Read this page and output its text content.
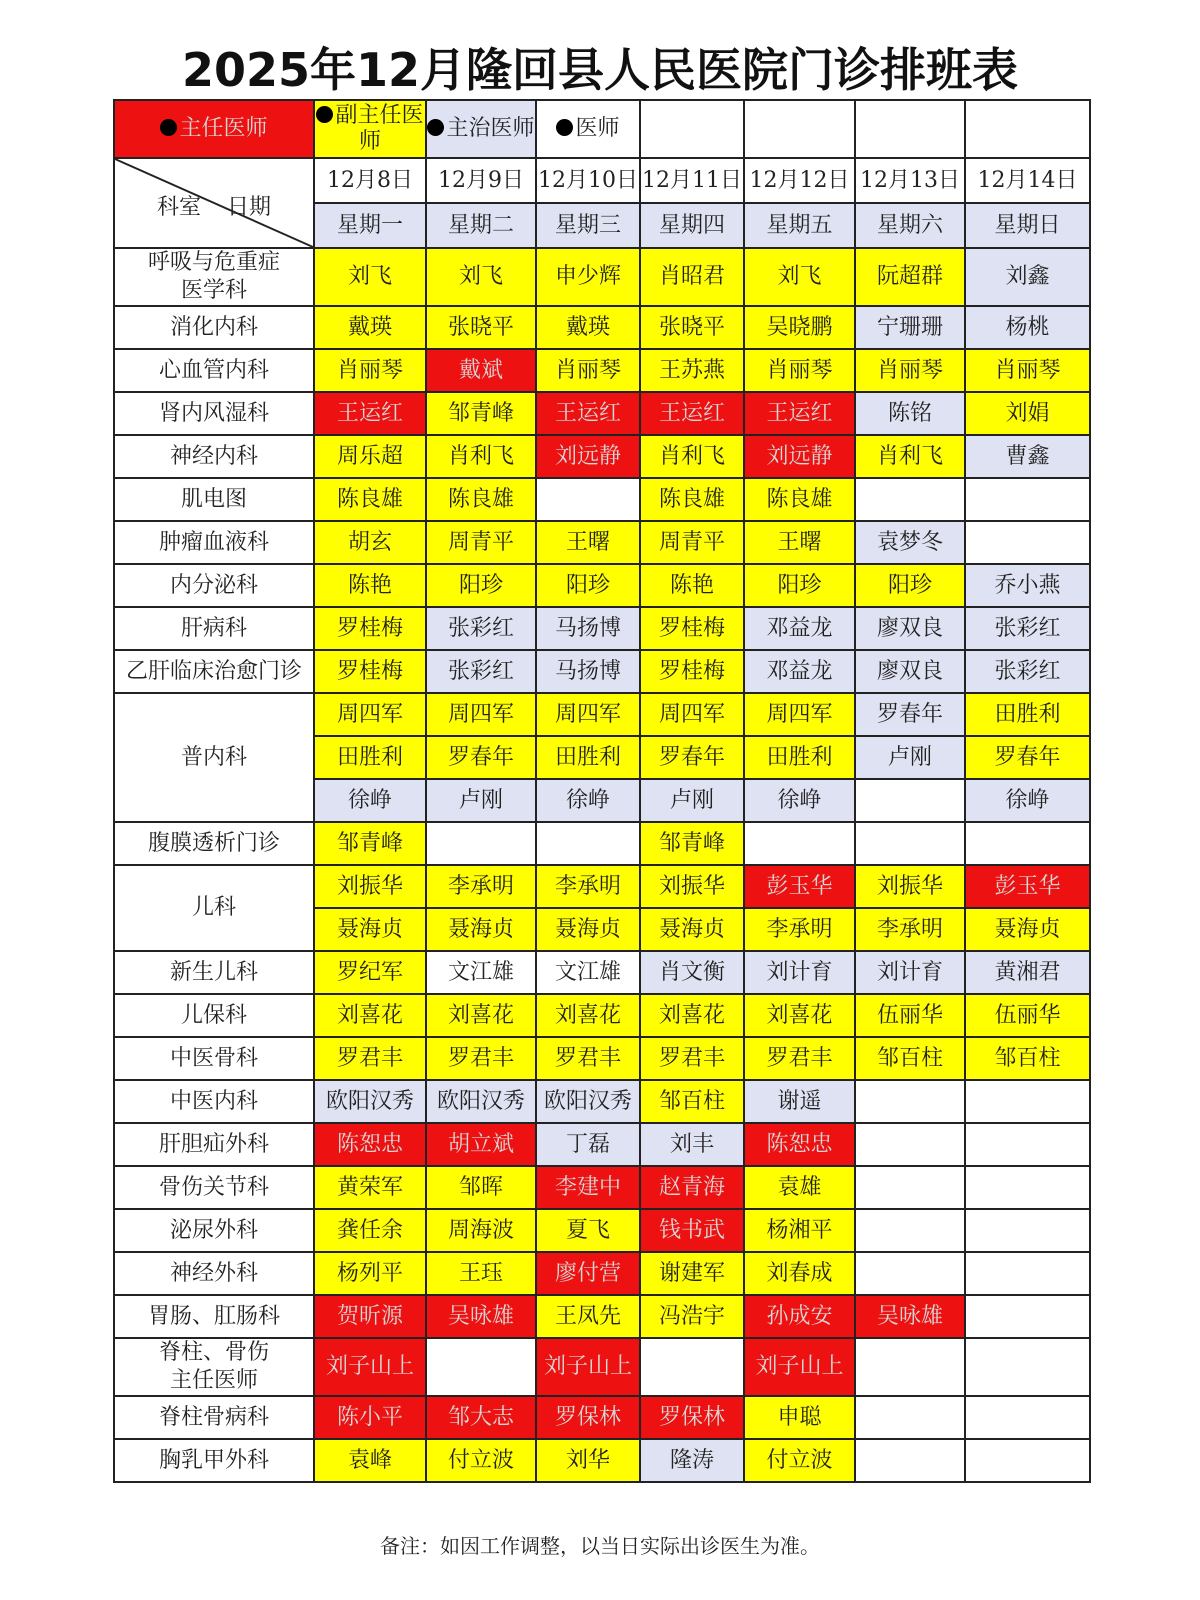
2025年12月隆回县人民医院门诊排班表
主任医师	副主任医师	主治医师	医师				

科室 日期	12月8日	12月9日	12月10日	12月11日	12月12日	12月13日	12月14日
	星期一	星期二	星期三	星期四	星期五	星期六	星期日
呼吸与危重症医学科	刘飞	刘飞	申少辉	肖昭君	刘飞	阮超群	刘鑫
消化内科	戴瑛	张晓平	戴瑛	张晓平	吴晓鹏	宁珊珊	杨桃
心血管内科	肖丽琴	戴斌	肖丽琴	王苏燕	肖丽琴	肖丽琴	肖丽琴
肾内风湿科	王运红	邹青峰	王运红	王运红	王运红	陈铭	刘娟
神经内科	周乐超	肖利飞	刘远静	肖利飞	刘远静	肖利飞	曹鑫
肌电图	陈良雄	陈良雄		陈良雄	陈良雄		
肿瘤血液科	胡玄	周青平	王曙	周青平	王曙	袁梦冬	
内分泌科	陈艳	阳珍	阳珍	陈艳	阳珍	阳珍	乔小燕
肝病科	罗桂梅	张彩红	马扬博	罗桂梅	邓益龙	廖双良	张彩红
乙肝临床治愈门诊	罗桂梅	张彩红	马扬博	罗桂梅	邓益龙	廖双良	张彩红
普内科	周四军	周四军	周四军	周四军	周四军	罗春年	田胜利
	田胜利	罗春年	田胜利	罗春年	田胜利	卢刚	罗春年
	徐峥	卢刚	徐峥	卢刚	徐峥		徐峥
腹膜透析门诊	邹青峰			邹青峰			
儿科	刘振华	李承明	李承明	刘振华	彭玉华	刘振华	彭玉华
	聂海贞	聂海贞	聂海贞	聂海贞	李承明	李承明	聂海贞
新生儿科	罗纪军	文江雄	文江雄	肖文衡	刘计育	刘计育	黄湘君
儿保科	刘喜花	刘喜花	刘喜花	刘喜花	刘喜花	伍丽华	伍丽华
中医骨科	罗君丰	罗君丰	罗君丰	罗君丰	罗君丰	邹百柱	邹百柱
中医内科	欧阳汉秀	欧阳汉秀	欧阳汉秀	邹百柱	谢遥		
肝胆疝外科	陈恕忠	胡立斌	丁磊	刘丰	陈恕忠		
骨伤关节科	黄荣军	邹晖	李建中	赵青海	袁雄		
泌尿外科	龚任余	周海波	夏飞	钱书武	杨湘平		
神经外科	杨列平	王珏	廖付营	谢建军	刘春成		
胃肠、肛肠科	贺昕源	吴咏雄	王凤先	冯浩宇	孙成安	吴咏雄	
脊柱、骨伤主任医师	刘子山上		刘子山上		刘子山上		
脊柱骨病科	陈小平	邹大志	罗保林	罗保林	申聪		
胸乳甲外科	袁峰	付立波	刘华	隆涛	付立波		
备注：如因工作调整，以当日实际出诊医生为准。
